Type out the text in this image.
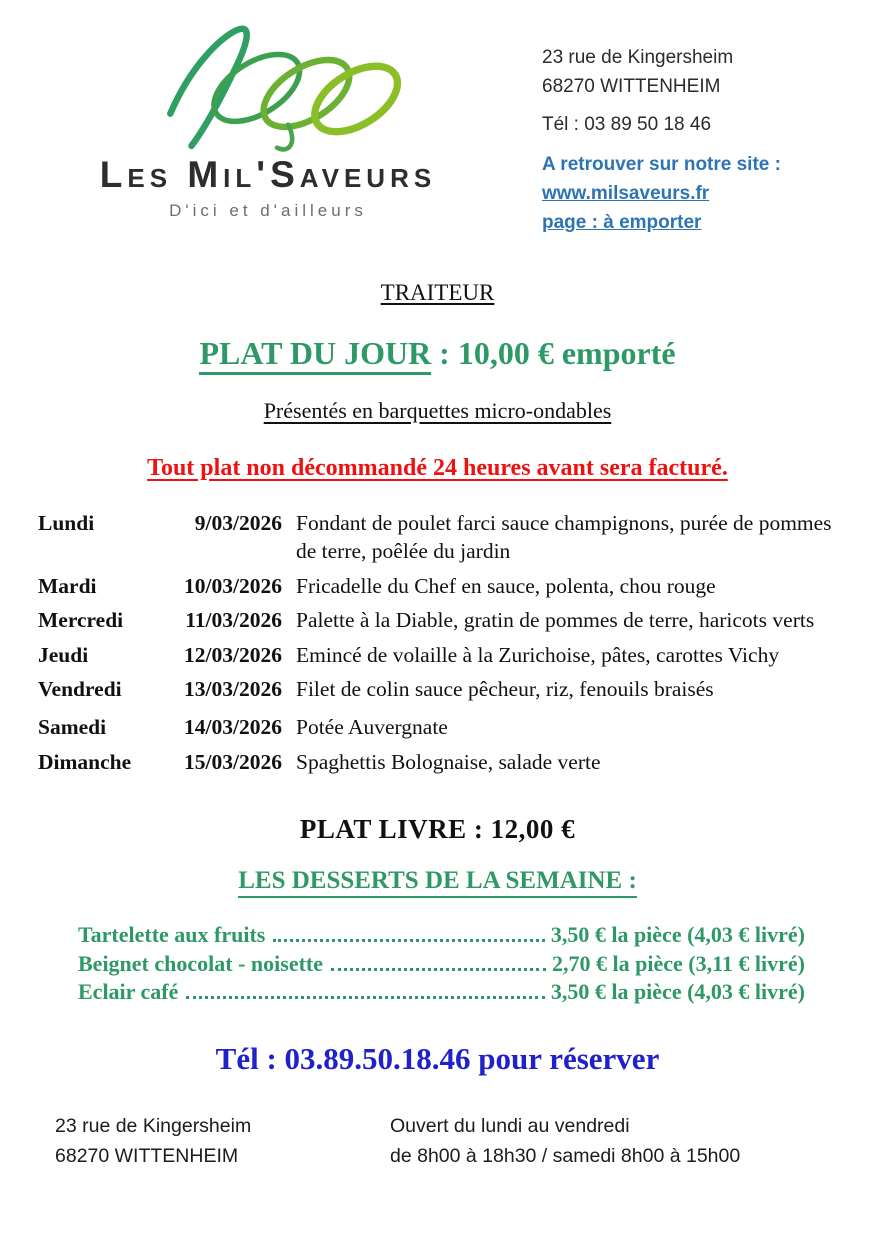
Les Mil'Saveurs
D'ici et d'ailleurs
23 rue de Kingersheim
68270 WITTENHEIM
Tél : 03 89 50 18 46
A retrouver sur notre site :
www.milsaveurs.fr
page : à emporter
TRAITEUR
PLAT DU JOUR : 10,00 € emporté
Présentés en barquettes micro-ondables
Tout plat non décommandé 24 heures avant sera facturé.
Lundi	9/03/2026 Fondant de poulet farci sauce champignons, purée de pommes de terre, poêlée du jardin
Mardi	10/03/2026 Fricadelle du Chef en sauce, polenta, chou rouge
Mercredi	11/03/2026 Palette à la Diable, gratin de pommes de terre, haricots verts
Jeudi	12/03/2026 Emincé de volaille à la Zurichoise, pâtes, carottes Vichy
Vendredi	13/03/2026 Filet de colin sauce pêcheur, riz, fenouils braisés
Samedi	14/03/2026 Potée Auvergnate
Dimanche	15/03/2026 Spaghettis Bolognaise, salade verte
PLAT LIVRE : 12,00 €
LES DESSERTS DE LA SEMAINE :
Tartelette aux fruits	3,50 € la pièce (4,03 € livré)
Beignet chocolat - noisette	2,70 € la pièce (3,11 € livré)
Eclair café	3,50 € la pièce (4,03 € livré)
Tél : 03.89.50.18.46 pour réserver
23 rue de Kingersheim
68270 WITTENHEIM
Ouvert du lundi au vendredi
de 8h00 à 18h30 / samedi 8h00 à 15h00
